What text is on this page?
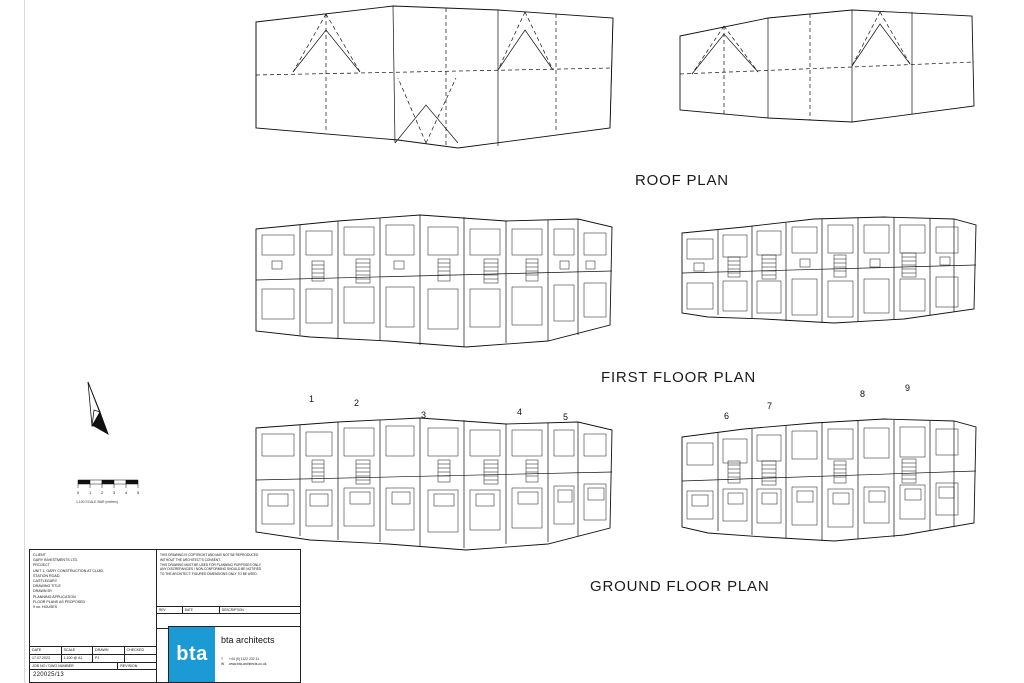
ROOF PLAN
FIRST FLOOR PLAN
GROUND FLOOR PLAN
1	2
3	4	5	6
7
8
9
0 1 2 3 4 5
1:100 SCALE BAR (metres)
CLIENT
GARY INVESTMENTS LTD.
PROJECT
UNIT 1, GARY CONSTRUCTION AT CLUID,
STATION ROAD,
CASTLEGARY
DRAWING TITLE
DRAWN BY
PLANNING APPLICATION
FLOOR PLANS AS PROPOSED
9 no. HOUSES
DATE	SCALE	DRAWN	CHECKED
17.07.2023	1:100 @ A1	PJ
JOB NO / DWG NUMBER	REVISION
220025/13
THIS DRAWING IS COPYRIGHT AND MAY NOT BE REPRODUCED
WITHOUT THE ARCHITECT'S CONSENT.
THIS DRAWING MUST BE USED FOR PLANNING PURPOSES ONLY.
ANY DISCREPANCIES / NON-CONFORMING SHOULD BE NOTIFIED
TO THE ARCHITECT. FIGURED DIMENSIONS ONLY TO BE USED.
REV	DATE	DESCRIPTION
bta
bta architects
T +44 (0) 1122 232 11
W www.bta-architects.co.uk
